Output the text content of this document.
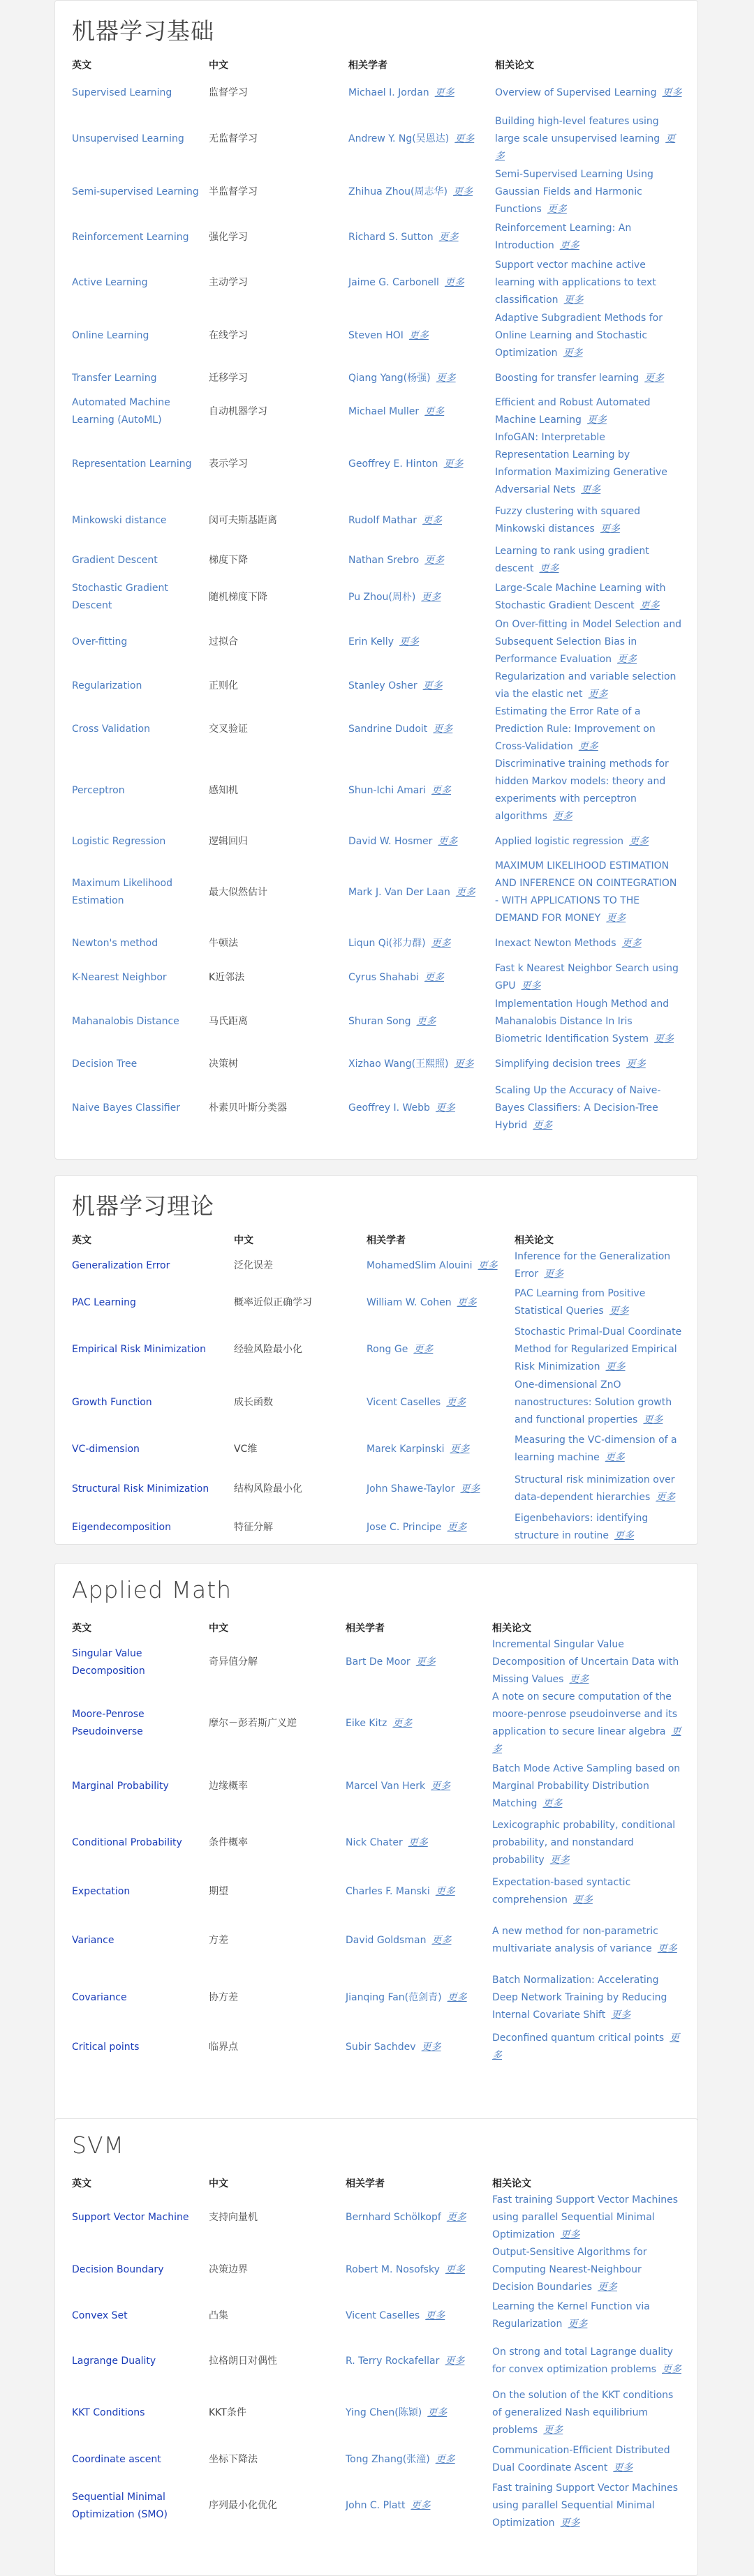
机器学习基础
英文	中文	相关学者	相关论文
Supervised Learning	监督学习	Michael I. Jordan 更多	Overview of Supervised Learning 更多
Unsupervised Learning	无监督学习	Andrew Y. Ng(吴恩达) 更多	Building high-level features using large scale unsupervised learning 更多
Semi-supervised Learning	半监督学习	Zhihua Zhou(周志华) 更多	Semi-Supervised Learning Using Gaussian Fields and Harmonic Functions 更多
Reinforcement Learning	强化学习	Richard S. Sutton 更多	Reinforcement Learning: An Introduction 更多
Active Learning	主动学习	Jaime G. Carbonell 更多	Support vector machine active learning with applications to text classification 更多
Online Learning	在线学习	Steven HOI 更多	Adaptive Subgradient Methods for Online Learning and Stochastic Optimization 更多
Transfer Learning	迁移学习	Qiang Yang(杨强) 更多	Boosting for transfer learning 更多
Automated Machine Learning (AutoML)	自动机器学习	Michael Muller 更多	Efficient and Robust Automated Machine Learning 更多
Representation Learning	表示学习	Geoffrey E. Hinton 更多	InfoGAN: Interpretable Representation Learning by Information Maximizing Generative Adversarial Nets 更多
Minkowski distance	闵可夫斯基距离	Rudolf Mathar 更多	Fuzzy clustering with squared Minkowski distances 更多
Gradient Descent	梯度下降	Nathan Srebro 更多	Learning to rank using gradient descent 更多
Stochastic Gradient Descent	随机梯度下降	Pu Zhou(周朴) 更多	Large-Scale Machine Learning with Stochastic Gradient Descent 更多
Over-fitting	过拟合	Erin Kelly 更多	On Over-fitting in Model Selection and Subsequent Selection Bias in Performance Evaluation 更多
Regularization	正则化	Stanley Osher 更多	Regularization and variable selection via the elastic net 更多
Cross Validation	交叉验证	Sandrine Dudoit 更多	Estimating the Error Rate of a Prediction Rule: Improvement on Cross-Validation 更多
Perceptron	感知机	Shun-Ichi Amari 更多	Discriminative training methods for hidden Markov models: theory and experiments with perceptron algorithms 更多
Logistic Regression	逻辑回归	David W. Hosmer 更多	Applied logistic regression 更多
Maximum Likelihood Estimation	最大似然估计	Mark J. Van Der Laan 更多	MAXIMUM LIKELIHOOD ESTIMATION AND INFERENCE ON COINTEGRATION - WITH APPLICATIONS TO THE DEMAND FOR MONEY 更多
Newton's method	牛顿法	Liqun Qi(祁力群) 更多	Inexact Newton Methods 更多
K-Nearest Neighbor	K近邻法	Cyrus Shahabi 更多	Fast k Nearest Neighbor Search using GPU 更多
Mahanalobis Distance	马氏距离	Shuran Song 更多	Implementation Hough Method and Mahanalobis Distance In Iris Biometric Identification System 更多
Decision Tree	决策树	Xizhao Wang(王熙照) 更多	Simplifying decision trees 更多
Naive Bayes Classifier	朴素贝叶斯分类器	Geoffrey I. Webb 更多	Scaling Up the Accuracy of Naive-Bayes Classifiers: A Decision-Tree Hybrid 更多
机器学习理论
英文	中文	相关学者	相关论文
Generalization Error	泛化误差	MohamedSlim Alouini 更多	Inference for the Generalization Error 更多
PAC Learning	概率近似正确学习	William W. Cohen 更多	PAC Learning from Positive Statistical Queries 更多
Empirical Risk Minimization	经验风险最小化	Rong Ge 更多	Stochastic Primal-Dual Coordinate Method for Regularized Empirical Risk Minimization 更多
Growth Function	成长函数	Vicent Caselles 更多	One-dimensional ZnO nanostructures: Solution growth and functional properties 更多
VC-dimension	VC维	Marek Karpinski 更多	Measuring the VC-dimension of a learning machine 更多
Structural Risk Minimization	结构风险最小化	John Shawe-Taylor 更多	Structural risk minimization over data-dependent hierarchies 更多
Eigendecomposition	特征分解	Jose C. Principe 更多	Eigenbehaviors: identifying structure in routine 更多
Applied Math
英文	中文	相关学者	相关论文
Singular Value Decomposition	奇异值分解	Bart De Moor 更多	Incremental Singular Value Decomposition of Uncertain Data with Missing Values 更多
Moore-Penrose Pseudoinverse	摩尔－彭若斯广义逆	Eike Kitz 更多	A note on secure computation of the moore-penrose pseudoinverse and its application to secure linear algebra 更多
Marginal Probability	边缘概率	Marcel Van Herk 更多	Batch Mode Active Sampling based on Marginal Probability Distribution Matching 更多
Conditional Probability	条件概率	Nick Chater 更多	Lexicographic probability, conditional probability, and nonstandard probability 更多
Expectation	期望	Charles F. Manski 更多	Expectation-based syntactic comprehension 更多
Variance	方差	David Goldsman 更多	A new method for non-parametric multivariate analysis of variance 更多
Covariance	协方差	Jianqing Fan(范剑青) 更多	Batch Normalization: Accelerating Deep Network Training by Reducing Internal Covariate Shift 更多
Critical points	临界点	Subir Sachdev 更多	Deconfined quantum critical points 更多
SVM
英文	中文	相关学者	相关论文
Support Vector Machine	支持向量机	Bernhard Schölkopf 更多	Fast training Support Vector Machines using parallel Sequential Minimal Optimization 更多
Decision Boundary	决策边界	Robert M. Nosofsky 更多	Output-Sensitive Algorithms for Computing Nearest-Neighbour Decision Boundaries 更多
Convex Set	凸集	Vicent Caselles 更多	Learning the Kernel Function via Regularization 更多
Lagrange Duality	拉格朗日对偶性	R. Terry Rockafellar 更多	On strong and total Lagrange duality for convex optimization problems 更多
KKT Conditions	KKT条件	Ying Chen(陈颖) 更多	On the solution of the KKT conditions of generalized Nash equilibrium problems 更多
Coordinate ascent	坐标下降法	Tong Zhang(张潼) 更多	Communication-Efficient Distributed Dual Coordinate Ascent 更多
Sequential Minimal Optimization (SMO)	序列最小化优化	John C. Platt 更多	Fast training Support Vector Machines using parallel Sequential Minimal Optimization 更多
